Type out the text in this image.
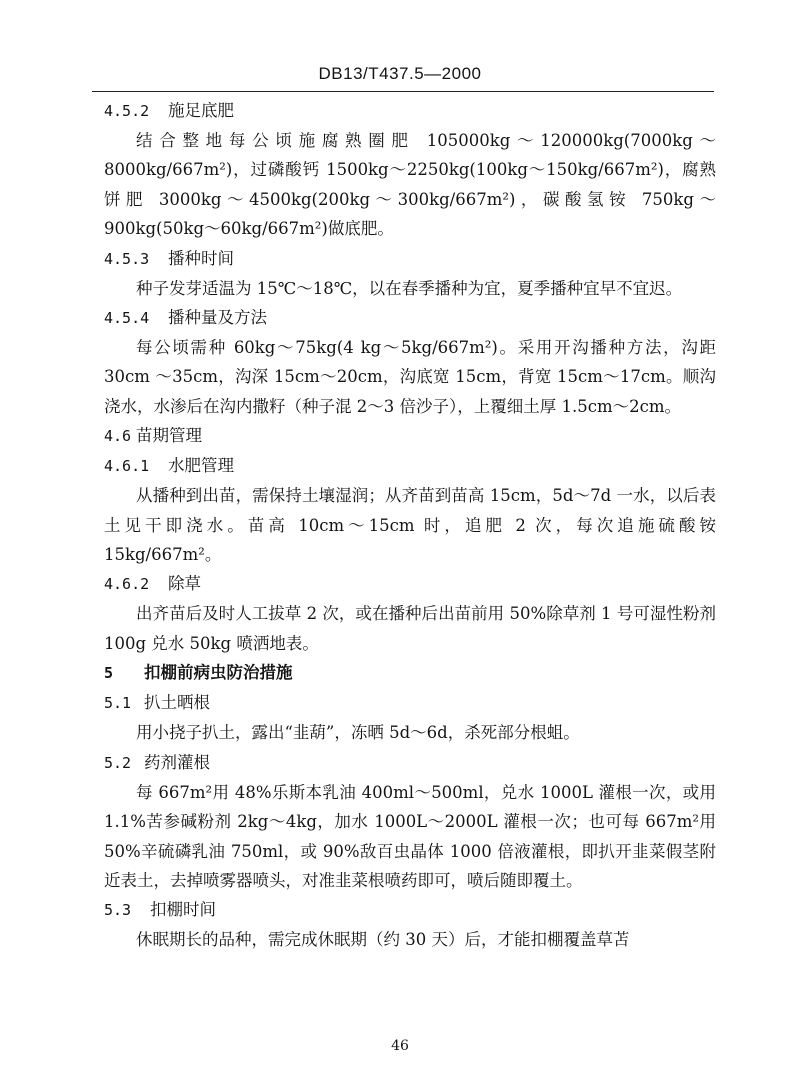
DB13/T437.5—2000
4.5.2 施足底肥
结合整地每公顷施腐熟圈肥 105000kg～120000kg(7000kg～ 8000kg/667m²)，过磷酸钙 1500kg～2250kg(100kg～150kg/667m²)，腐熟饼肥 3000kg～4500kg(200kg～300kg/667m²)，碳酸氢铵 750kg～900kg(50kg～60kg/667m²)做底肥。
4.5.3 播种时间
种子发芽适温为 15℃～18℃，以在春季播种为宜，夏季播种宜早不宜迟。
4.5.4 播种量及方法
每公顷需种 60kg～75kg(4 kg～5kg/667m²)。采用开沟播种方法，沟距 30cm ～35cm，沟深 15cm～20cm，沟底宽 15cm，背宽 15cm～17cm。顺沟浇水，水渗后在沟内撒籽（种子混 2～3 倍沙子），上覆细土厚 1.5cm～2cm。
4.6 苗期管理
4.6.1 水肥管理
从播种到出苗，需保持土壤湿润；从齐苗到苗高 15cm，5d～7d 一水，以后表土见干即浇水。苗高 10cm～15cm 时，追肥 2 次，每次追施硫酸铵 15kg/667m²。
4.6.2 除草
出齐苗后及时人工拔草 2 次，或在播种后出苗前用 50%除草剂 1 号可湿性粉剂 100g 兑水 50kg 喷洒地表。
5 扣棚前病虫防治措施
5.1 扒土晒根
用小挠子扒土，露出“韭葫”，冻晒 5d～6d，杀死部分根蛆。
5.2 药剂灌根
每 667m²用 48%乐斯本乳油 400ml～500ml，兑水 1000L 灌根一次，或用 1.1%苦参碱粉剂 2kg～4kg，加水 1000L～2000L 灌根一次；也可每 667m²用 50%辛硫磷乳油 750ml，或 90%敌百虫晶体 1000 倍液灌根，即扒开韭菜假茎附近表土，去掉喷雾器喷头，对准韭菜根喷药即可，喷后随即覆土。
5.3 扣棚时间
休眠期长的品种，需完成休眠期（约 30 天）后，才能扣棚覆盖草苫
46
